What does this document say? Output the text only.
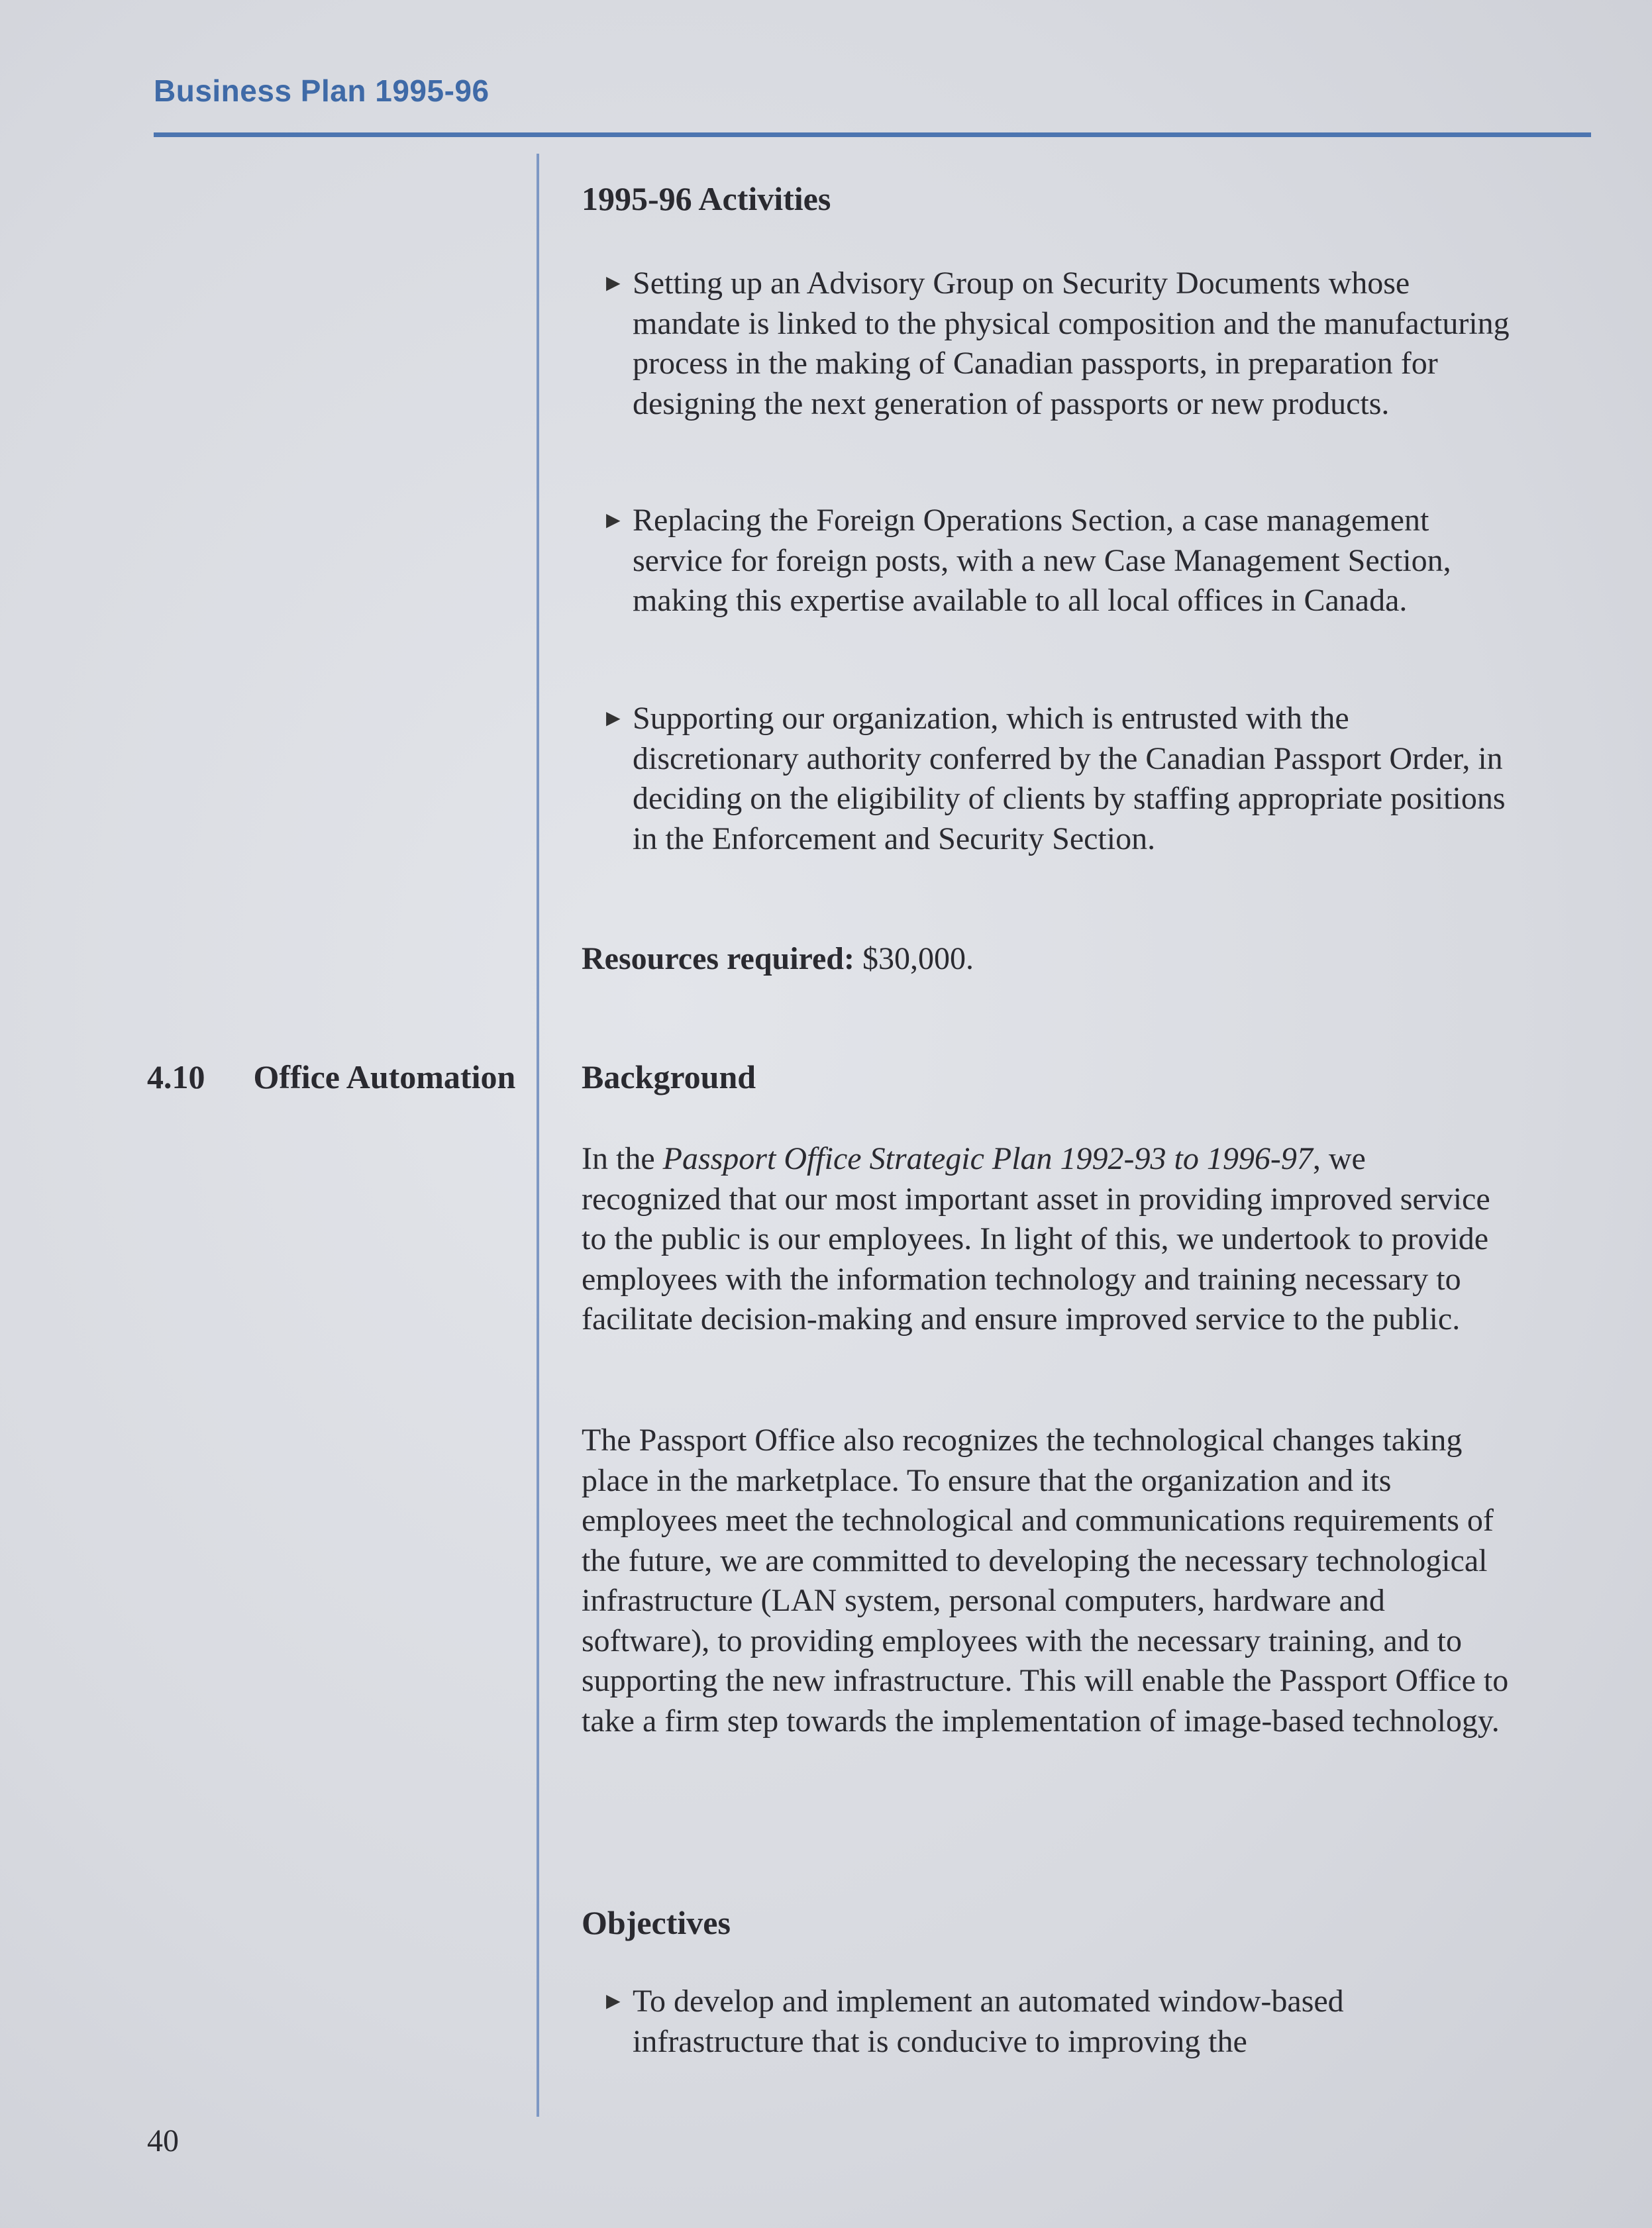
Business Plan 1995-96

1995-96 Activities

▶ Setting up an Advisory Group on Security Documents whose mandate is linked to the physical composition and the manufacturing process in the making of Canadian passports, in preparation for designing the next generation of passports or new products.

▶ Replacing the Foreign Operations Section, a case management service for foreign posts, with a new Case Management Section, making this expertise available to all local offices in Canada.

▶ Supporting our organization, which is entrusted with the discretionary authority conferred by the Canadian Passport Order, in deciding on the eligibility of clients by staffing appropriate positions in the Enforcement and Security Section.

Resources required: $30,000.

4.10 Office Automation Background

In the Passport Office Strategic Plan 1992-93 to 1996-97, we recognized that our most important asset in providing improved service to the public is our employees. In light of this, we undertook to provide employees with the information technology and training necessary to facilitate decision-making and ensure improved service to the public.

The Passport Office also recognizes the technological changes taking place in the marketplace. To ensure that the organization and its employees meet the technological and communications requirements of the future, we are committed to developing the necessary technological infrastructure (LAN system, personal computers, hardware and software), to providing employees with the necessary training, and to supporting the new infrastructure. This will enable the Passport Office to take a firm step towards the implementation of image-based technology.

Objectives

▶ To develop and implement an automated window-based infrastructure that is conducive to improving the

40
